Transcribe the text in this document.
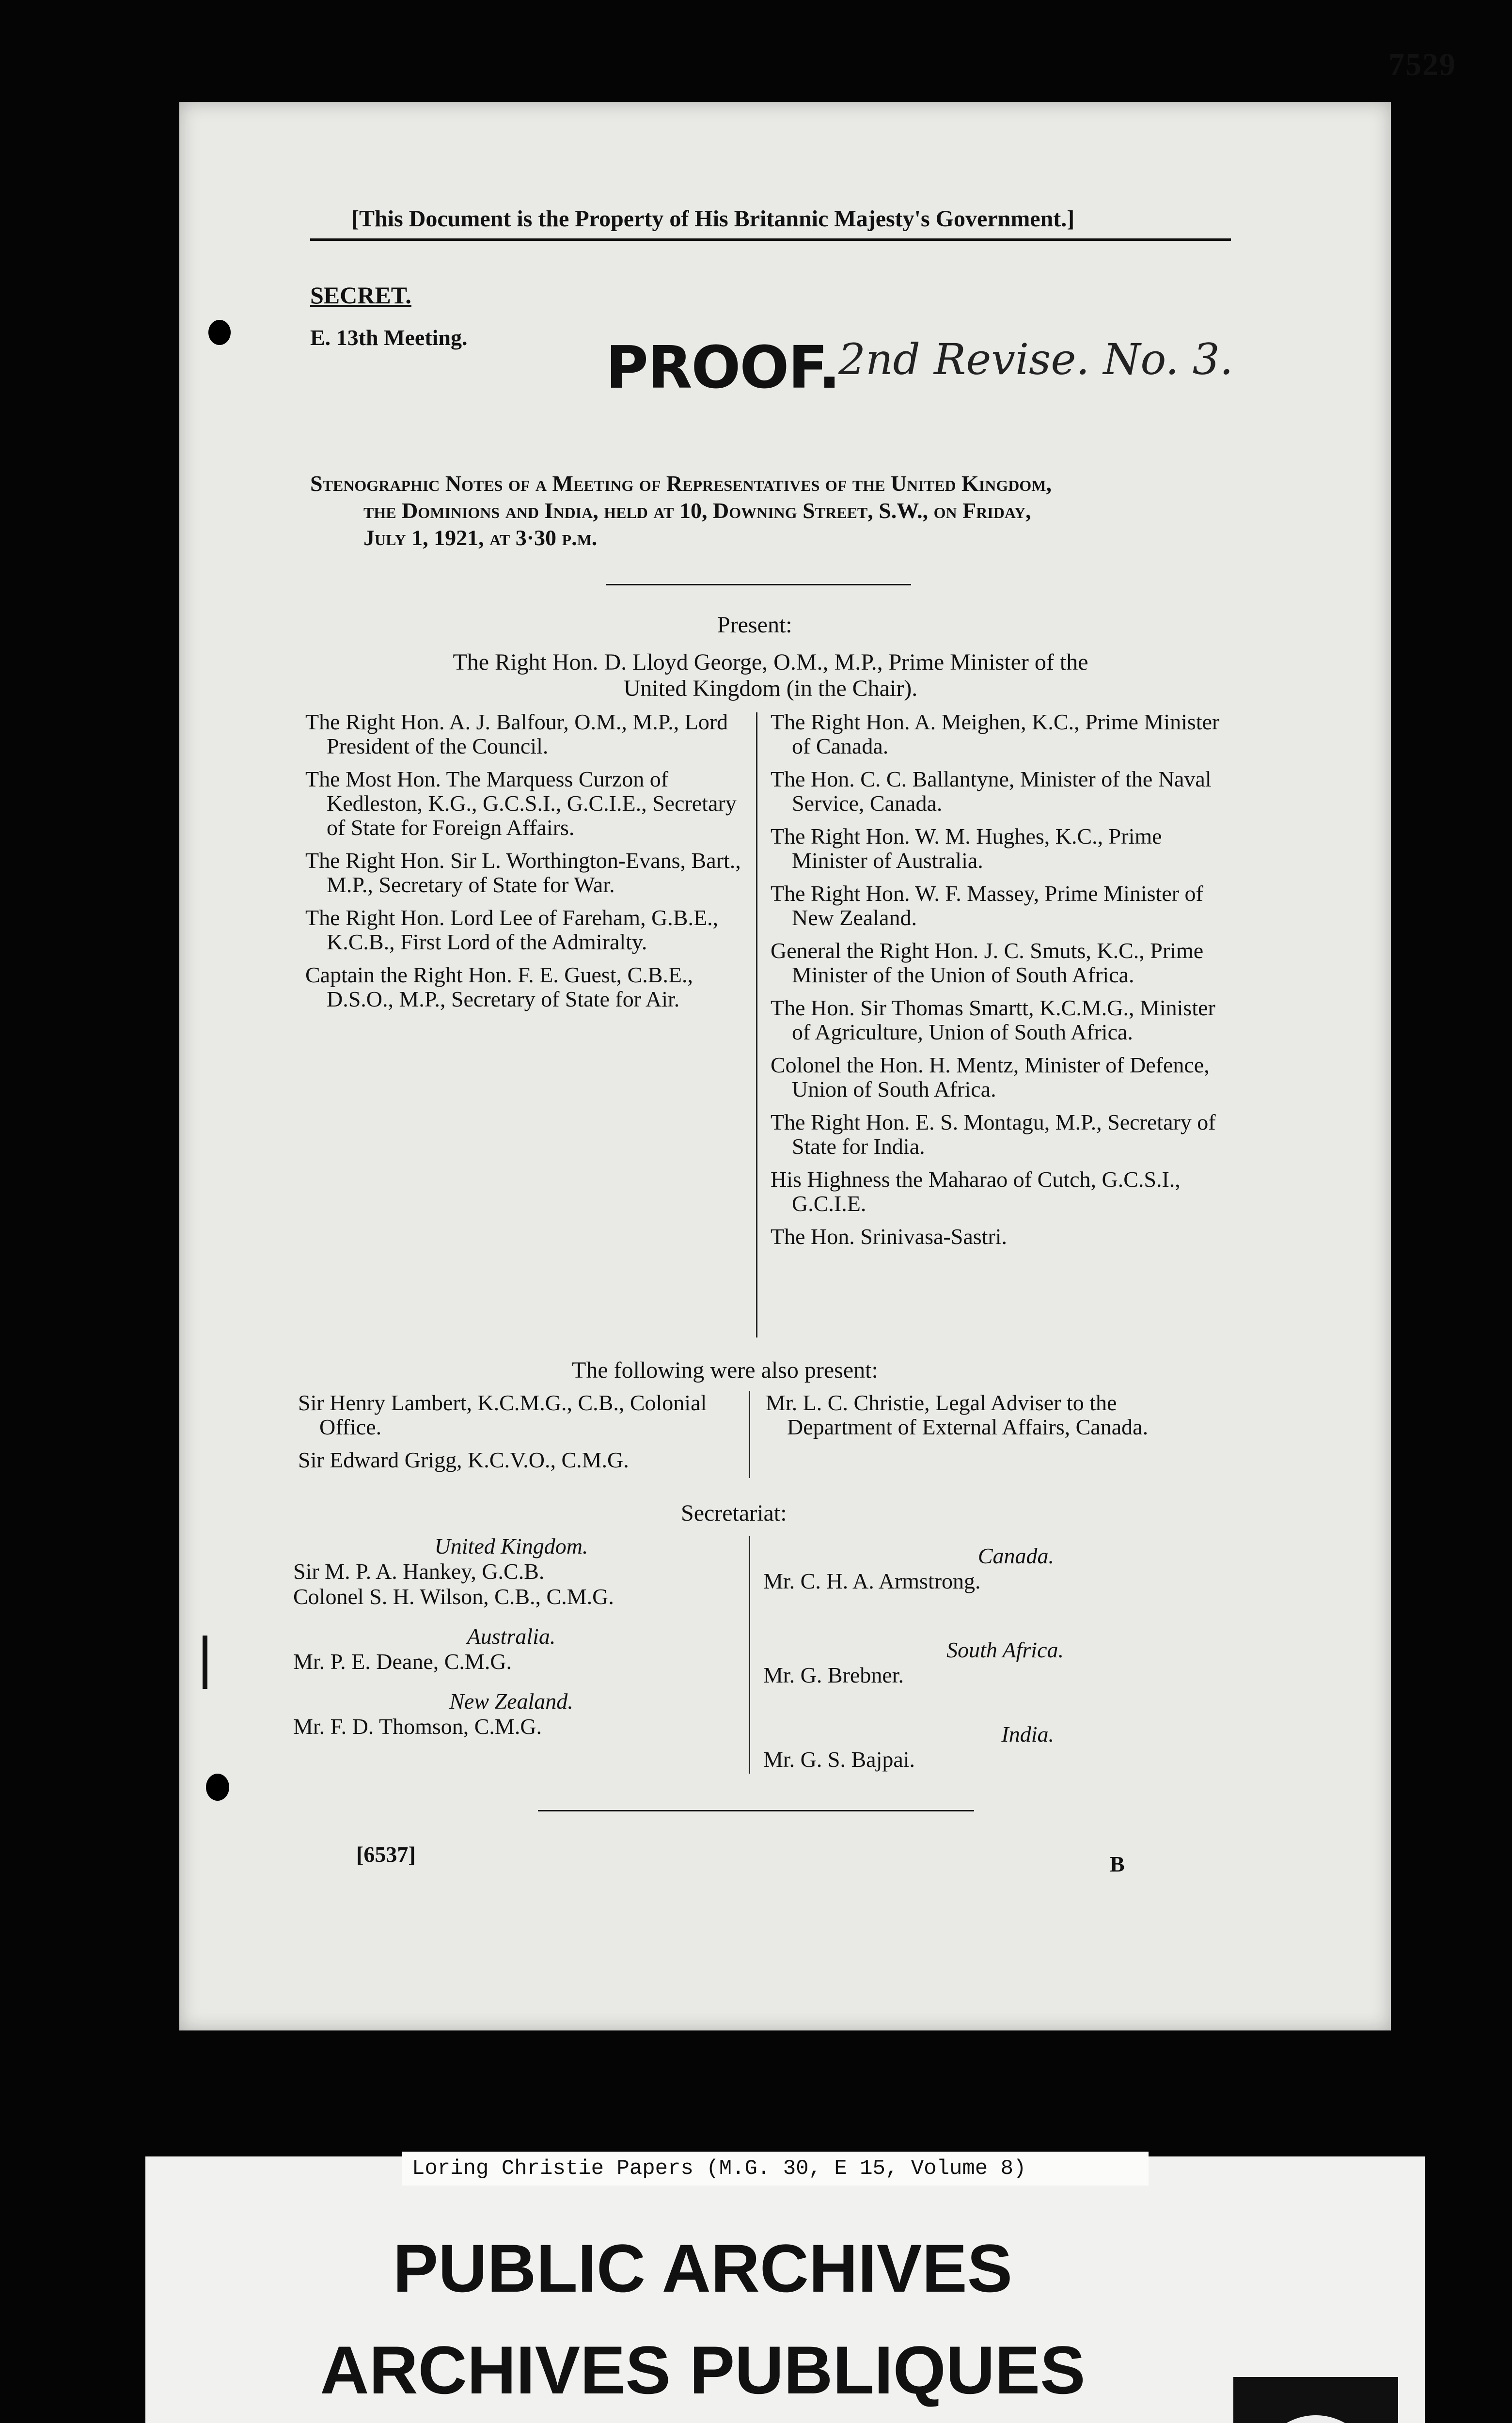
7529
[This Document is the Property of His Britannic Majesty's Government.]
SECRET.
E. 13th Meeting. PROOF.
2nd Revise. No. 3.
Stenographic Notes of a Meeting of Representatives of the United Kingdom,
the Dominions and India, held at 10, Downing Street, S.W., on Friday,
July 1, 1921, at 3·30 p.m.
Present:
The Right Hon. D. Lloyd George, O.M., M.P., Prime Minister of the
United Kingdom (in the Chair).
The Right Hon. A. J. Balfour, O.M., M.P., Lord President of the Council.
The Most Hon. The Marquess Curzon of Kedleston, K.G., G.C.S.I., G.C.I.E., Secretary of State for Foreign Affairs.
The Right Hon. Sir L. Worthington-Evans, Bart., M.P., Secretary of State for War.
The Right Hon. Lord Lee of Fareham, G.B.E., K.C.B., First Lord of the Admiralty.
Captain the Right Hon. F. E. Guest, C.B.E., D.S.O., M.P., Secretary of State for Air.
The Right Hon. A. Meighen, K.C., Prime Minister of Canada.
The Hon. C. C. Ballantyne, Minister of the Naval Service, Canada.
The Right Hon. W. M. Hughes, K.C., Prime Minister of Australia.
The Right Hon. W. F. Massey, Prime Minister of New Zealand.
General the Right Hon. J. C. Smuts, K.C., Prime Minister of the Union of South Africa.
The Hon. Sir Thomas Smartt, K.C.M.G., Minister of Agriculture, Union of South Africa.
Colonel the Hon. H. Mentz, Minister of Defence, Union of South Africa.
The Right Hon. E. S. Montagu, M.P., Secretary of State for India.
His Highness the Maharao of Cutch, G.C.S.I., G.C.I.E.
The Hon. Srinivasa-Sastri.
The following were also present:
Sir Henry Lambert, K.C.M.G., C.B., Colonial Office.
Sir Edward Grigg, K.C.V.O., C.M.G.
Mr. L. C. Christie, Legal Adviser to the Department of External Affairs, Canada.
Secretariat:
United Kingdom.
Sir M. P. A. Hankey, G.C.B.
Colonel S. H. Wilson, C.B., C.M.G.
Australia.
Mr. P. E. Deane, C.M.G.
New Zealand.
Mr. F. D. Thomson, C.M.G.
Canada.
Mr. C. H. A. Armstrong.
South Africa.
Mr. G. Brebner.
India.
Mr. G. S. Bajpai.
[6537]	B
Loring Christie Papers (M.G. 30, E 15, Volume 8)
PUBLIC ARCHIVES
ARCHIVES PUBLIQUES
